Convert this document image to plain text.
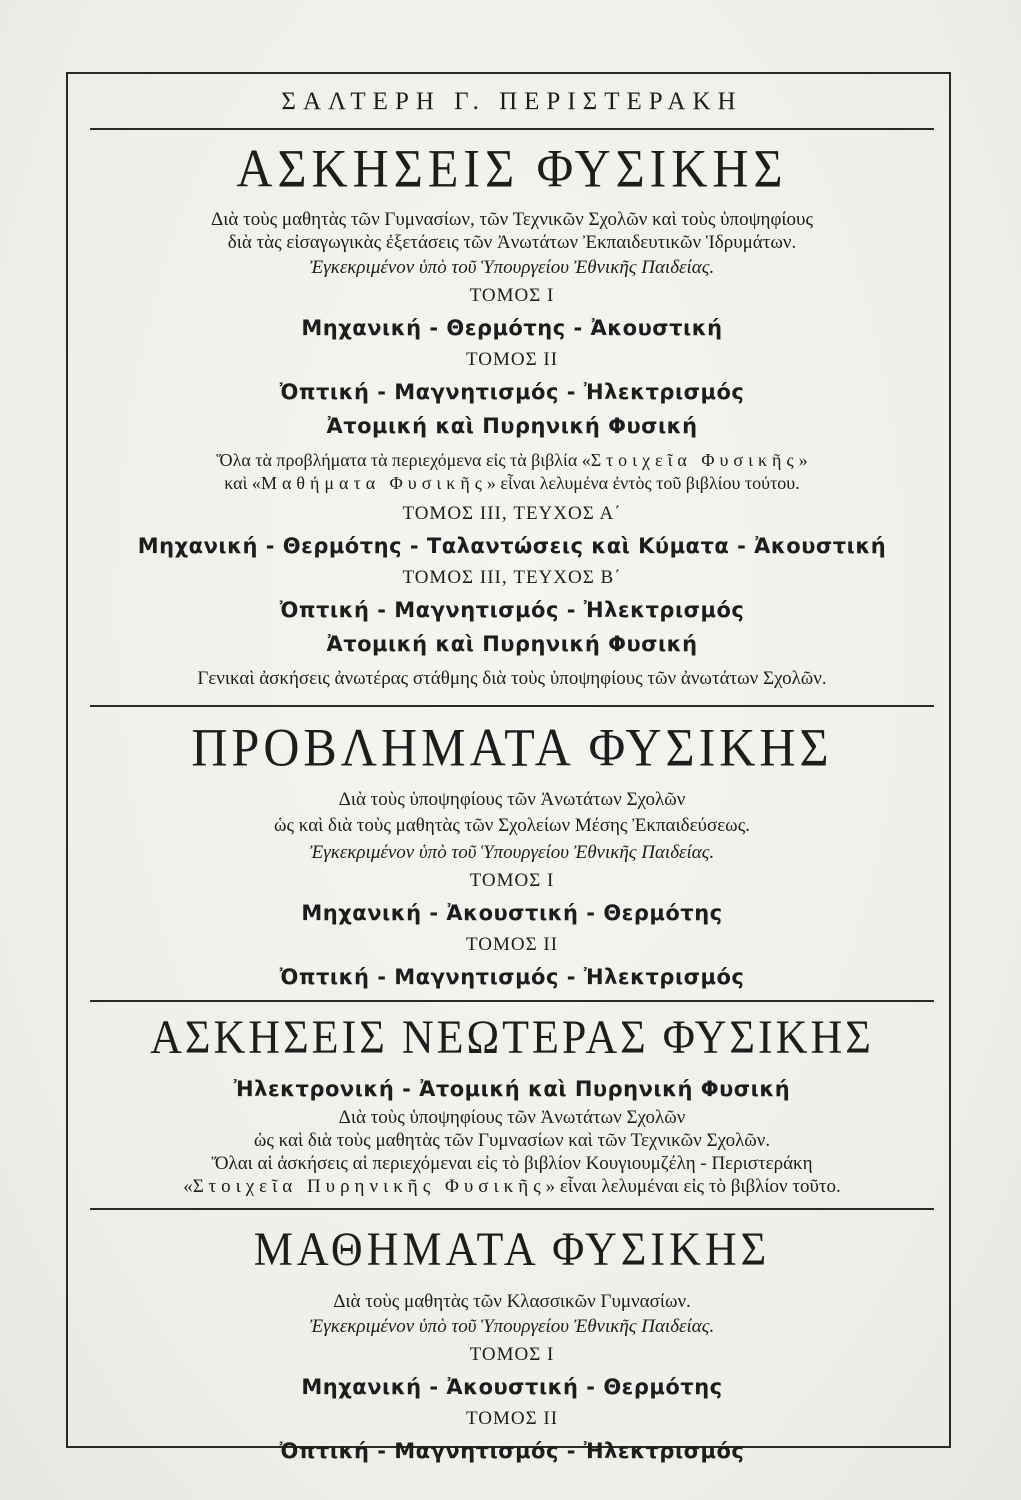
ΣΑΛΤΕΡΗ Γ. ΠΕΡΙΣΤΕΡΑΚΗ
ΑΣΚΗΣΕΙΣ ΦΥΣΙΚΗΣ
Διὰ τοὺς μαθητὰς τῶν Γυμνασίων, τῶν Τεχνικῶν Σχολῶν καὶ τοὺς ὑποψηφίους
διὰ τὰς εἰσαγωγικὰς ἐξετάσεις τῶν Ἀνωτάτων Ἐκπαιδευτικῶν Ἱδρυμάτων.
Ἐγκεκριμένον ὑπὸ τοῦ Ὑπουργείου Ἐθνικῆς Παιδείας.
ΤΟΜΟΣ I
Μηχανική - Θερμότης - Ἀκουστική
ΤΟΜΟΣ II
Ὀπτική - Μαγνητισμός - Ἠλεκτρισμός
Ἀτομική καὶ Πυρηνική Φυσική
Ὅλα τὰ προβλήματα τὰ περιεχόμενα εἰς τὰ βιβλία «Στοιχεῖα Φυσικῆς»
καὶ «Μαθήματα Φυσικῆς» εἶναι λελυμένα ἐντὸς τοῦ βιβλίου τούτου.
ΤΟΜΟΣ III, ΤΕΥΧΟΣ Α΄
Μηχανική - Θερμότης - Ταλαντώσεις καὶ Κύματα - Ἀκουστική
ΤΟΜΟΣ III, ΤΕΥΧΟΣ Β΄
Ὀπτική - Μαγνητισμός - Ἠλεκτρισμός
Ἀτομική καὶ Πυρηνική Φυσική
Γενικαὶ ἀσκήσεις ἀνωτέρας στάθμης διὰ τοὺς ὑποψηφίους τῶν ἀνωτάτων Σχολῶν.
ΠΡΟΒΛΗΜΑΤΑ ΦΥΣΙΚΗΣ
Διὰ τοὺς ὑποψηφίους τῶν Ἀνωτάτων Σχολῶν
ὡς καὶ διὰ τοὺς μαθητὰς τῶν Σχολείων Μέσης Ἐκπαιδεύσεως.
Ἐγκεκριμένον ὑπὸ τοῦ Ὑπουργείου Ἐθνικῆς Παιδείας.
ΤΟΜΟΣ I
Μηχανική - Ἀκουστική - Θερμότης
ΤΟΜΟΣ II
Ὀπτική - Μαγνητισμός - Ἠλεκτρισμός
ΑΣΚΗΣΕΙΣ ΝΕΩΤΕΡΑΣ ΦΥΣΙΚΗΣ
Ἠλεκτρονική - Ἀτομική καὶ Πυρηνική Φυσική
Διὰ τοὺς ὑποψηφίους τῶν Ἀνωτάτων Σχολῶν
ὡς καὶ διὰ τοὺς μαθητὰς τῶν Γυμνασίων καὶ τῶν Τεχνικῶν Σχολῶν.
Ὅλαι αἱ ἀσκήσεις αἱ περιεχόμεναι εἰς τὸ βιβλίον Κουγιουμζέλη - Περιστεράκη
«Στοιχεῖα Πυρηνικῆς Φυσικῆς» εἶναι λελυμέναι εἰς τὸ βιβλίον τοῦτο.
ΜΑΘΗΜΑΤΑ ΦΥΣΙΚΗΣ
Διὰ τοὺς μαθητὰς τῶν Κλασσικῶν Γυμνασίων.
Ἐγκεκριμένον ὑπὸ τοῦ Ὑπουργείου Ἐθνικῆς Παιδείας.
ΤΟΜΟΣ I
Μηχανική - Ἀκουστική - Θερμότης
ΤΟΜΟΣ II
Ὀπτική - Μαγνητισμός - Ἠλεκτρισμός
